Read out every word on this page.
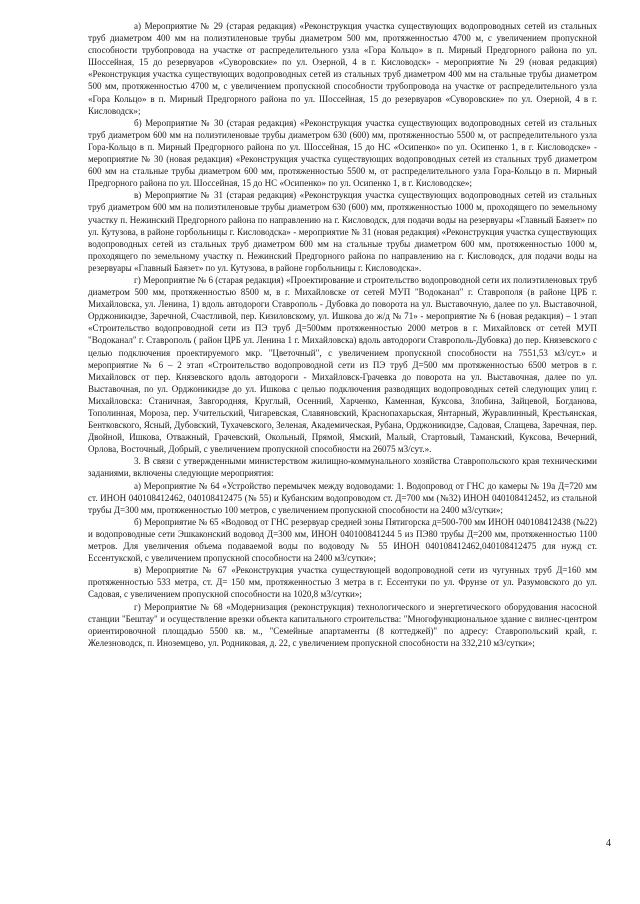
а) Мероприятие № 29 (старая редакция) «Реконструкция участка существующих водопроводных сетей из стальных труб диаметром 400 мм на полиэтиленовые трубы диаметром 500 мм, протяженностью 4700 м, с увеличением пропускной способности трубопровода на участке от распределительного узла «Гора Кольцо» в п. Мирный Предгорного района по ул. Шоссейная, 15 до резервуаров «Суворовские» по ул. Озерной, 4 в г. Кисловодск» - мероприятие № 29 (новая редакция) «Реконструкция участка существующих водопроводных сетей из стальных труб диаметром 400 мм на стальные трубы диаметром 500 мм, протяженностью 4700 м, с увеличением пропускной способности трубопровода на участке от распределительного узла «Гора Кольцо» в п. Мирный Предгорного района по ул. Шоссейная, 15 до резервуаров «Суворовские» по ул. Озерной, 4 в г. Кисловодск»;

б) Мероприятие № 30 (старая редакция) «Реконструкция участка существующих водопроводных сетей из стальных труб диаметром 600 мм на полиэтиленовые трубы диаметром 630 (600) мм, протяженностью 5500 м, от распределительного узла Гора-Кольцо в п. Мирный Предгорного района по ул. Шоссейная, 15 до НС «Осипенко» по ул. Осипенко 1, в г. Кисловодске» - мероприятие № 30 (новая редакция) «Реконструкция участка существующих водопроводных сетей из стальных труб диаметром 600 мм на стальные трубы диаметром 600 мм, протяженностью 5500 м, от распределительного узла Гора-Кольцо в п. Мирный Предгорного района по ул. Шоссейная, 15 до НС «Осипенко» по ул. Осипенко 1, в г. Кисловодске»;

в) Мероприятие № 31 (старая редакция) «Реконструкция участка существующих водопроводных сетей из стальных труб диаметром 600 мм на полиэтиленовые трубы диаметром 630 (600) мм, протяженностью 1000 м, проходящего по земельному участку п. Нежинский Предгорного района по направлению на г. Кисловодск, для подачи воды на резервуары «Главный Баязет» по ул. Кутузова, в районе горбольницы г. Кисловодска» - мероприятие № 31 (новая редакция) «Реконструкция участка существующих водопроводных сетей из стальных труб диаметром 600 мм на стальные трубы диаметром 600 мм, протяженностью 1000 м, проходящего по земельному участку п. Нежинский Предгорного района по направлению на г. Кисловодск, для подачи воды на резервуары «Главный Баязет» по ул. Кутузова, в районе горбольницы г. Кисловодска».

г) Мероприятие № 6 (старая редакция) «Проектирование и строительство водопроводной сети их полиэтиленовых труб диаметром 500 мм, протяженностью 8500 м, в г. Михайловске от сетей МУП "Водоканал" г. Ставрополя (в районе ЦРБ г. Михайловска, ул. Ленина, 1) вдоль автодороги Ставрополь - Дубовка до поворота на ул. Выставочную, далее по ул. Выставочной, Орджоникидзе, Заречной, Счастливой, пер. Кизиловскому, ул. Ишкова до ж/д № 71» - мероприятие № 6 (новая редакция) – 1 этап «Строительство водопроводной сети из ПЭ труб Д=500мм протяженностью 2000 метров в г. Михайловск от сетей МУП "Водоканал" г. Ставрополь ( район ЦРБ ул. Ленина 1 г. Михайловска) вдоль автодороги Ставрополь-Дубовка) до пер. Князевского с целью подключения проектируемого мкр. "Цветочный", с увеличением пропускной способности на 7551,53 м3/сут.» и мероприятие № 6 – 2 этап «Строительство водопроводной сети из ПЭ труб Д=500 мм протяженностью 6500 метров в г. Михайловск от пер. Князевского вдоль автодороги - Михайловск-Грачевка до поворота на ул. Выставочная, далее по ул. Выставочная, по ул. Орджоникидзе до ул. Ишкова с целью подключения разводящих водопроводных сетей следующих улиц г. Михайловска: Станичная, Завгородняя, Круглый, Осенний, Харченко, Каменная, Куксова, Злобина, Зайцевой, Богданова, Тополинная, Мороза, пер. Учительский, Чигаревская, Славяновский, Краснопахарьская, Янтарный, Журавлинный, Крестьянская, Бентковского, Ясный, Дубовский, Тухачевского, Зеленая, Академическая, Рубана, Орджоникидзе, Садовая, Слащева, Заречная, пер. Двойной, Ишкова, Отважный, Грачевский, Окольный, Прямой, Ямский, Малый, Стартовый, Таманский, Куксова, Вечерний, Орлова, Восточный, Добрый, с увеличением пропускной способности на 26075 м3/сут.».

3. В связи с утвержденными министерством жилищно-коммунального хозяйства Ставропольского края техническими заданиями, включены следующие мероприятия:

а) Мероприятие № 64 «Устройство перемычек между водоводами: 1. Водопровод от ГНС до камеры № 19а Д=720 мм ст. ИНОН 040108412462, 040108412475 (№ 55) и Кубанским водопроводом ст. Д=700 мм (№32) ИНОН 040108412452, из стальной трубы Д=300 мм, протяженностью 100 метров, с увеличением пропускной способности на 2400 м3/сутки»;

б) Мероприятие № 65 «Водовод от ГНС резервуар средней зоны Пятигорска д=500-700 мм ИНОН 0401084124З8 (№22) и водопроводные сети Эшкаконский водовод Д=300 мм, ИНОН 040100841244 5 из ПЭ80 трубы Д=200 мм, протяженностью 1100 метров. Для увеличения объема подаваемой воды по водоводу № 55 ИНОН 040108412462,040108412475 для нужд ст. Ессентукской, с увеличением пропускной способности на 2400 м3/сутки»;

в) Мероприятие № 67 «Реконструкция участка существующей водопроводной сети из чугунных труб Д=160 мм протяженностью 533 метра, ст. Д= 150 мм, протяженностью 3 метра в г. Ессентуки по ул. Фрунзе от ул. Разумовского до ул. Садовая, с увеличением пропускной способности на 1020,8 м3/сутки»;

г) Мероприятие № 68 «Модернизация (реконструкция) технологического и энергетического оборудования насосной станции "Бештау" и осуществление врезки объекта капитального строительства: "Многофункциональное здание с вилнес-центром ориентировочной площадью 5500 кв. м., "Семейные апартаменты (8 коттеджей)" по адресу: Ставропольский край, г. Железноводск, п. Иноземцево, ул. Родниковая, д. 22, с увеличением пропускной способности на 332,210 м3/сутки»;

4
